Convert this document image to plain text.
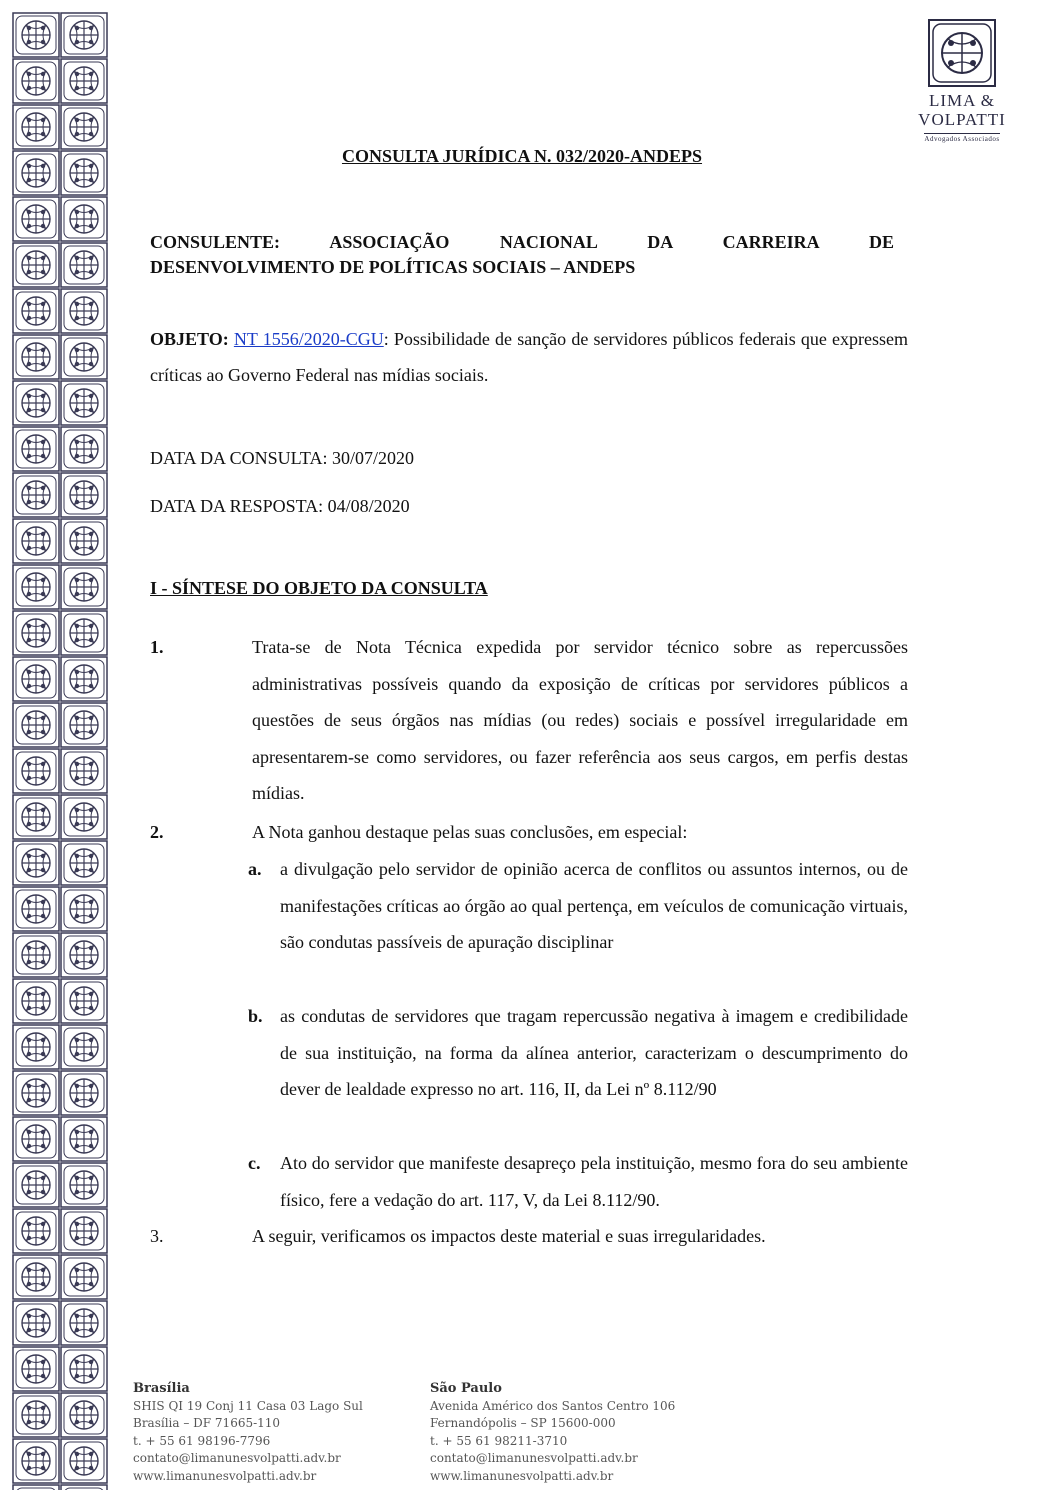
LIMA &
VOLPATTI
Advogados Associados
CONSULTA JURÍDICA N. 032/2020-ANDEPS
CONSULENTE: ASSOCIAÇÃO NACIONAL DA CARREIRA DE

DESENVOLVIMENTO DE POLÍTICAS SOCIAIS – ANDEPS
OBJETO: NT 1556/2020-CGU: Possibilidade de sanção de servidores públicos federais que expressem críticas ao Governo Federal nas mídias sociais.
DATA DA CONSULTA: 30/07/2020
DATA DA RESPOSTA: 04/08/2020
I - SÍNTESE DO OBJETO DA CONSULTA
1.	Trata-se de Nota Técnica expedida por servidor técnico sobre as repercussões administrativas possíveis quando da exposição de críticas por servidores públicos a questões de seus órgãos nas mídias (ou redes) sociais e possível irregularidade em apresentarem-se como servidores, ou fazer referência aos seus cargos, em perfis destas mídias.
2.	A Nota ganhou destaque pelas suas conclusões, em especial:
a. a divulgação pelo servidor de opinião acerca de conflitos ou assuntos internos, ou de manifestações críticas ao órgão ao qual pertença, em veículos de comunicação virtuais, são condutas passíveis de apuração disciplinar
b. as condutas de servidores que tragam repercussão negativa à imagem e credibilidade de sua instituição, na forma da alínea anterior, caracterizam o descumprimento do dever de lealdade expresso no art. 116, II, da Lei nº 8.112/90
c. Ato do servidor que manifeste desapreço pela instituição, mesmo fora do seu ambiente físico, fere a vedação do art. 117, V, da Lei 8.112/90.
3.	A seguir, verificamos os impactos deste material e suas irregularidades.
Brasília
SHIS QI 19 Conj 11 Casa 03 Lago Sul
Brasília – DF 71665-110
t. + 55 61 98196-7796
contato@limanunesvolpatti.adv.br
www.limanunesvolpatti.adv.br
São Paulo
Avenida Américo dos Santos Centro 106
Fernandópolis – SP 15600-000
t. + 55 61 98211-3710
contato@limanunesvolpatti.adv.br
www.limanunesvolpatti.adv.br
